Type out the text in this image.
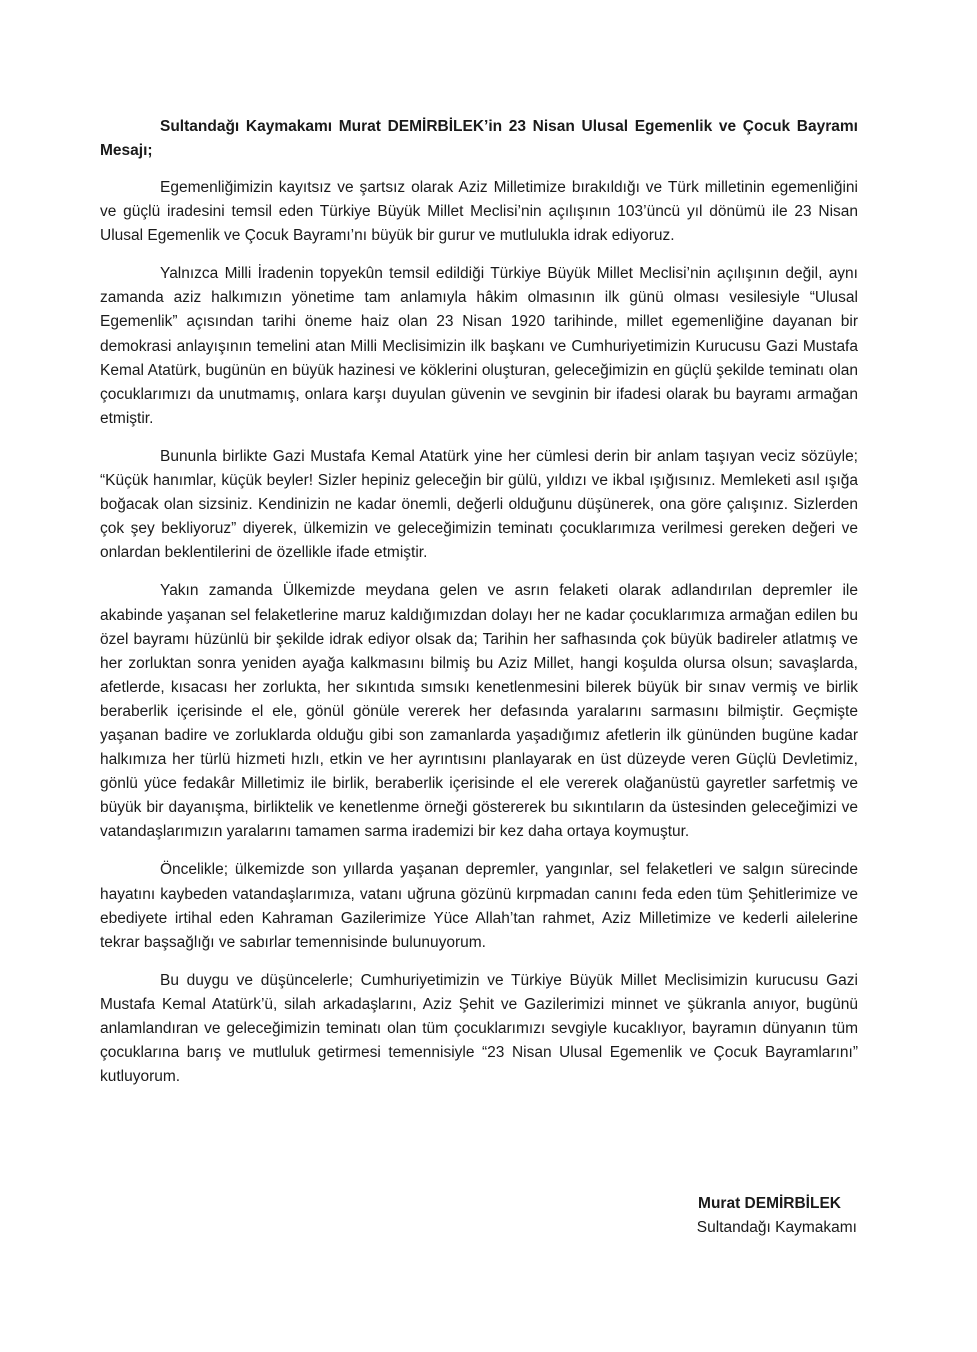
Sultandağı Kaymakamı Murat DEMİRBİLEK’in 23 Nisan Ulusal Egemenlik ve Çocuk Bayramı Mesajı;

Egemenliğimizin kayıtsız ve şartsız olarak Aziz Milletimize bırakıldığı ve Türk milletinin egemenliğini ve güçlü iradesini temsil eden Türkiye Büyük Millet Meclisi’nin açılışının 103’üncü yıl dönümü ile 23 Nisan Ulusal Egemenlik ve Çocuk Bayramı’nı büyük bir gurur ve mutlulukla idrak ediyoruz.

Yalnızca Milli İradenin topyekûn temsil edildiği Türkiye Büyük Millet Meclisi’nin açılışının değil, aynı zamanda aziz halkımızın yönetime tam anlamıyla hâkim olmasının ilk günü olması vesilesiyle “Ulusal Egemenlik” açısından tarihi öneme haiz olan 23 Nisan 1920 tarihinde, millet egemenliğine dayanan bir demokrasi anlayışının temelini atan Milli Meclisimizin ilk başkanı ve Cumhuriyetimizin Kurucusu Gazi Mustafa Kemal Atatürk, bugünün en büyük hazinesi ve köklerini oluşturan, geleceğimizin en güçlü şekilde teminatı olan çocuklarımızı da unutmamış, onlara karşı duyulan güvenin ve sevginin bir ifadesi olarak bu bayramı armağan etmiştir.

Bununla birlikte Gazi Mustafa Kemal Atatürk yine her cümlesi derin bir anlam taşıyan veciz sözüyle; “Küçük hanımlar, küçük beyler! Sizler hepiniz geleceğin bir gülü, yıldızı ve ikbal ışığısınız. Memleketi asıl ışığa boğacak olan sizsiniz. Kendinizin ne kadar önemli, değerli olduğunu düşünerek, ona göre çalışınız. Sizlerden çok şey bekliyoruz” diyerek, ülkemizin ve geleceğimizin teminatı çocuklarımıza verilmesi gereken değeri ve onlardan beklentilerini de özellikle ifade etmiştir.

Yakın zamanda Ülkemizde meydana gelen ve asrın felaketi olarak adlandırılan depremler ile akabinde yaşanan sel felaketlerine maruz kaldığımızdan dolayı her ne kadar çocuklarımıza armağan edilen bu özel bayramı hüzünlü bir şekilde idrak ediyor olsak da; Tarihin her safhasında çok büyük badireler atlatmış ve her zorluktan sonra yeniden ayağa kalkmasını bilmiş bu Aziz Millet, hangi koşulda olursa olsun; savaşlarda, afetlerde, kısacası her zorlukta, her sıkıntıda sımsıkı kenetlenmesini bilerek büyük bir sınav vermiş ve birlik beraberlik içerisinde el ele, gönül gönüle vererek her defasında yaralarını sarmasını bilmiştir. Geçmişte yaşanan badire ve zorluklarda olduğu gibi son zamanlarda yaşadığımız afetlerin ilk gününden bugüne kadar halkımıza her türlü hizmeti hızlı, etkin ve her ayrıntısını planlayarak en üst düzeyde veren Güçlü Devletimiz, gönlü yüce fedakâr Milletimiz ile birlik, beraberlik içerisinde el ele vererek olağanüstü gayretler sarfetmiş ve büyük bir dayanışma, birliktelik ve kenetlenme örneği göstererek bu sıkıntıların da üstesinden geleceğimizi ve vatandaşlarımızın yaralarını tamamen sarma irademizi bir kez daha ortaya koymuştur.

Öncelikle; ülkemizde son yıllarda yaşanan depremler, yangınlar, sel felaketleri ve salgın sürecinde hayatını kaybeden vatandaşlarımıza, vatanı uğruna gözünü kırpmadan canını feda eden tüm Şehitlerimize ve ebediyete irtihal eden Kahraman Gazilerimize Yüce Allah’tan rahmet, Aziz Milletimize ve kederli ailelerine tekrar başsağlığı ve sabırlar temennisinde bulunuyorum.

Bu duygu ve düşüncelerle; Cumhuriyetimizin ve Türkiye Büyük Millet Meclisimizin kurucusu Gazi Mustafa Kemal Atatürk’ü, silah arkadaşlarını, Aziz Şehit ve Gazilerimizi minnet ve şükranla anıyor, bugünü anlamlandıran ve geleceğimizin teminatı olan tüm çocuklarımızı sevgiyle kucaklıyor, bayramın dünyanın tüm çocuklarına barış ve mutluluk getirmesi temennisiyle “23 Nisan Ulusal Egemenlik ve Çocuk Bayramlarını” kutluyorum.

Murat DEMİRBİLEK
Sultandağı Kaymakamı
